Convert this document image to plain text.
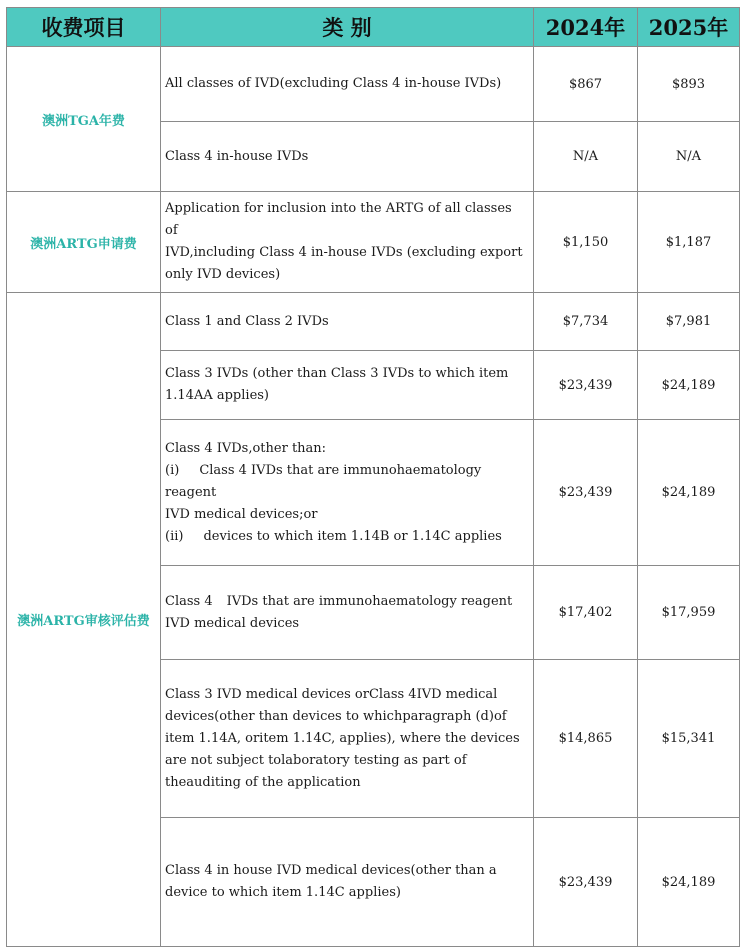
收费项目	类 别	2024年	2025年
澳洲TGA年费	All classes of IVD(excluding Class 4 in-house IVDs)	$867	$893

	Class 4 in-house IVDs	N/A	N/A
澳洲ARTG申请费	Application for inclusion into the ARTG of all classes of
IVD,including Class 4 in-house IVDs (excluding export
only IVD devices)	$1,150	$1,187
澳洲ARTG审核评估费	Class 1 and Class 2 IVDs	$7,734	$7,981

	Class 3 IVDs (other than Class 3 IVDs to which item
1.14AA applies)	$23,439	$24,189

	Class 4 IVDs,other than:
(i) Class 4 IVDs that are immunohaematology reagent
IVD medical devices;or
(ii) devices to which item 1.14B or 1.14C applies	$23,439	$24,189

	Class 4 IVDs that are immunohaematology reagent
IVD medical devices	$17,402	$17,959

	Class 3 IVD medical devices orClass 4IVD medical
devices(other than devices to whichparagraph (d)of
item 1.14A, oritem 1.14C, applies), where the devices
are not subject tolaboratory testing as part of
theauditing of the application	$14,865	$15,341

	Class 4 in house IVD medical devices(other than a
device to which item 1.14C applies)	$23,439	$24,189
